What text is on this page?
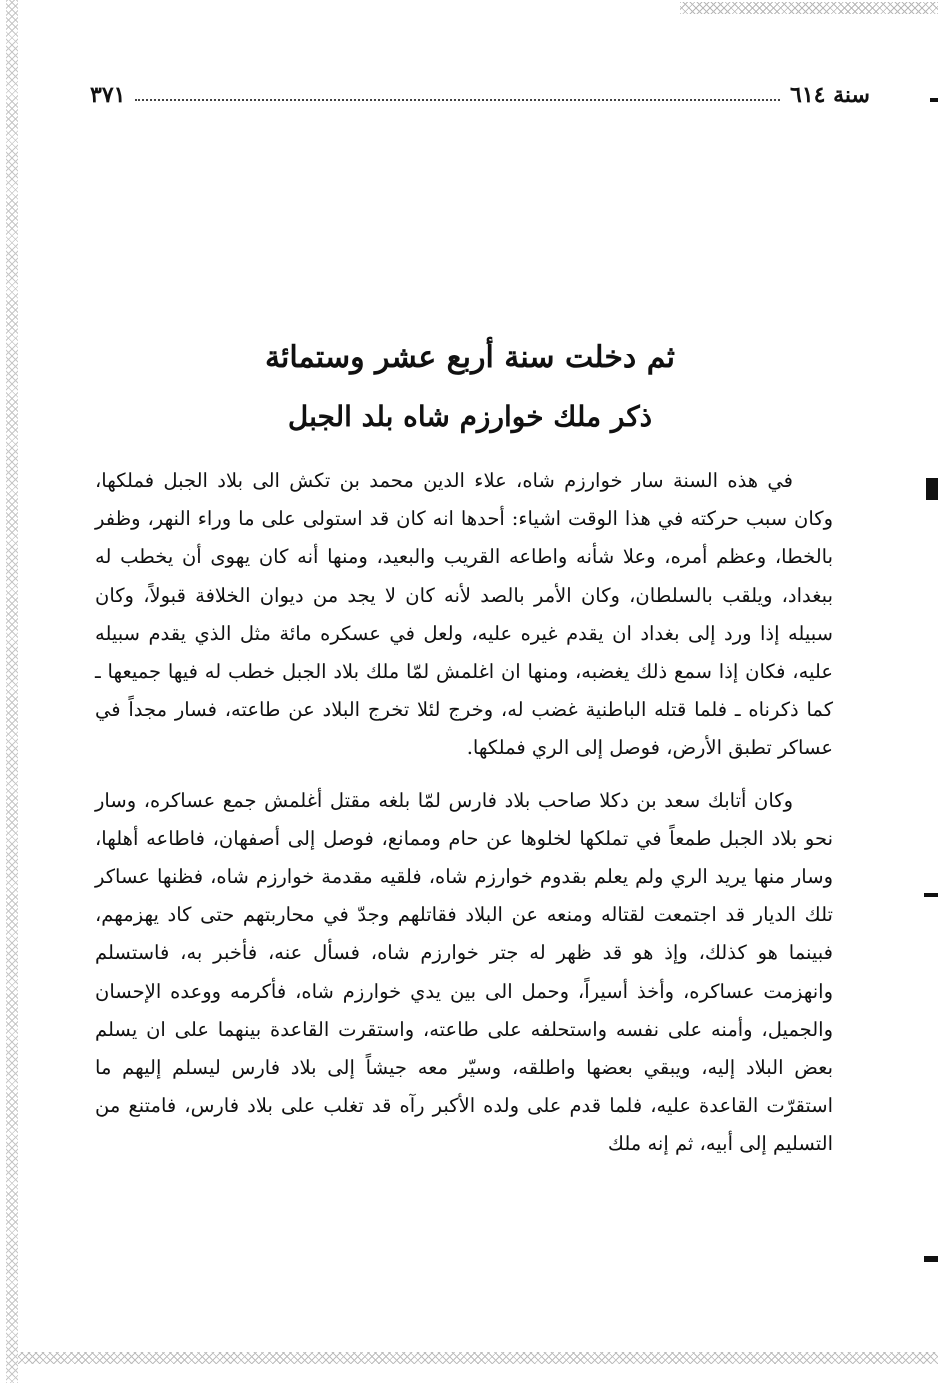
سنة ٦١٤
٣٧١
ثم دخلت سنة أربع عشر وستمائة
ذكر ملك خوارزم شاه بلد الجبل

في هذه السنة سار خوارزم شاه، علاء الدين محمد بن تكش الى بلاد الجبل فملكها، وكان سبب حركته في هذا الوقت اشياء: أحدها انه كان قد استولى على ما وراء النهر، وظفر بالخطا، وعظم أمره، وعلا شأنه واطاعه القريب والبعيد، ومنها أنه كان يهوى أن يخطب له ببغداد، ويلقب بالسلطان، وكان الأمر بالصد لأنه كان لا يجد من ديوان الخلافة قبولاً، وكان سبيله إذا ورد إلى بغداد ان يقدم غيره عليه، ولعل في عسكره مائة مثل الذي يقدم سبيله عليه، فكان إذا سمع ذلك يغضبه، ومنها ان اغلمش لمّا ملك بلاد الجبل خطب له فيها جميعها ـ كما ذكرناه ـ فلما قتله الباطنية غضب له، وخرج لئلا تخرج البلاد عن طاعته، فسار مجداً في عساكر تطبق الأرض، فوصل إلى الري فملكها.

وكان أتابك سعد بن دكلا صاحب بلاد فارس لمّا بلغه مقتل أغلمش جمع عساكره، وسار نحو بلاد الجبل طمعاً في تملكها لخلوها عن حام وممانع، فوصل إلى أصفهان، فاطاعه أهلها، وسار منها يريد الري ولم يعلم بقدوم خوارزم شاه، فلقيه مقدمة خوارزم شاه، فظنها عساكر تلك الديار قد اجتمعت لقتاله ومنعه عن البلاد فقاتلهم وجدّ في محاربتهم حتى كاد يهزمهم، فبينما هو كذلك، وإذ هو قد ظهر له جتر خوارزم شاه، فسأل عنه، فأخبر به، فاستسلم وانهزمت عساكره، وأخذ أسيراً، وحمل الى بين يدي خوارزم شاه، فأكرمه ووعده الإحسان والجميل، وأمنه على نفسه واستحلفه على طاعته، واستقرت القاعدة بينهما على ان يسلم بعض البلاد إليه، ويبقي بعضها واطلقه، وسيّر معه جيشاً إلى بلاد فارس ليسلم إليهم ما استقرّت القاعدة عليه، فلما قدم على ولده الأكبر رآه قد تغلب على بلاد فارس، فامتنع من التسليم إلى أبيه، ثم إنه ملك
